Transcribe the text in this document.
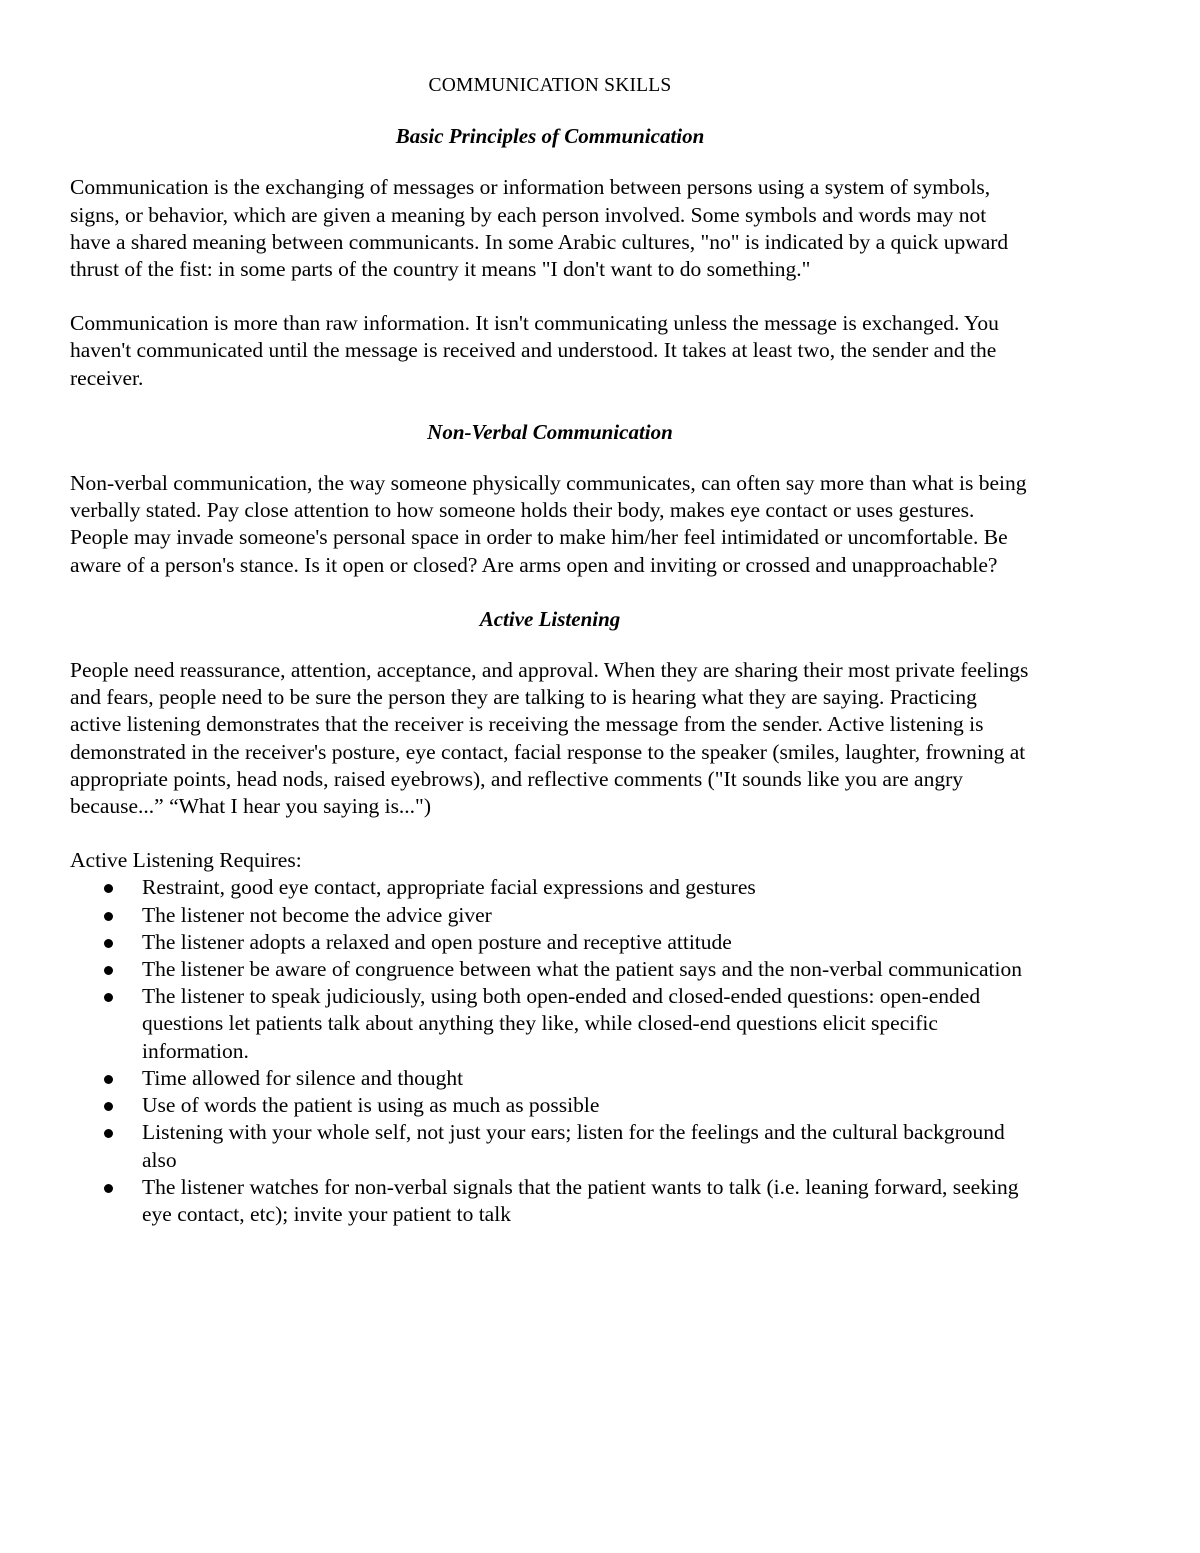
COMMUNICATION SKILLS
Basic Principles of Communication

Communication is the exchanging of messages or information between persons using a system of symbols, signs, or behavior, which are given a meaning by each person involved. Some symbols and words may not have a shared meaning between communicants. In some Arabic cultures, "no" is indicated by a quick upward thrust of the fist: in some parts of the country it means "I don't want to do something."

Communication is more than raw information. It isn't communicating unless the message is exchanged. You haven't communicated until the message is received and understood. It takes at least two, the sender and the receiver.

Non-Verbal Communication

Non-verbal communication, the way someone physically communicates, can often say more than what is being verbally stated. Pay close attention to how someone holds their body, makes eye contact or uses gestures. People may invade someone's personal space in order to make him/her feel intimidated or uncomfortable. Be aware of a person's stance. Is it open or closed? Are arms open and inviting or crossed and unapproachable?

Active Listening

People need reassurance, attention, acceptance, and approval. When they are sharing their most private feelings and fears, people need to be sure the person they are talking to is hearing what they are saying. Practicing active listening demonstrates that the receiver is receiving the message from the sender. Active listening is demonstrated in the receiver's posture, eye contact, facial response to the speaker (smiles, laughter, frowning at appropriate points, head nods, raised eyebrows), and reflective comments ("It sounds like you are angry because...” “What I hear you saying is...")

Active Listening Requires:

Restraint, good eye contact, appropriate facial expressions and gestures
The listener not become the advice giver
The listener adopts a relaxed and open posture and receptive attitude
The listener be aware of congruence between what the patient says and the non-verbal communication
The listener to speak judiciously, using both open-ended and closed-ended questions: open-ended questions let patients talk about anything they like, while closed-end questions elicit specific information.
Time allowed for silence and thought
Use of words the patient is using as much as possible
Listening with your whole self, not just your ears; listen for the feelings and the cultural background also
The listener watches for non-verbal signals that the patient wants to talk (i.e. leaning forward, seeking eye contact, etc); invite your patient to talk
